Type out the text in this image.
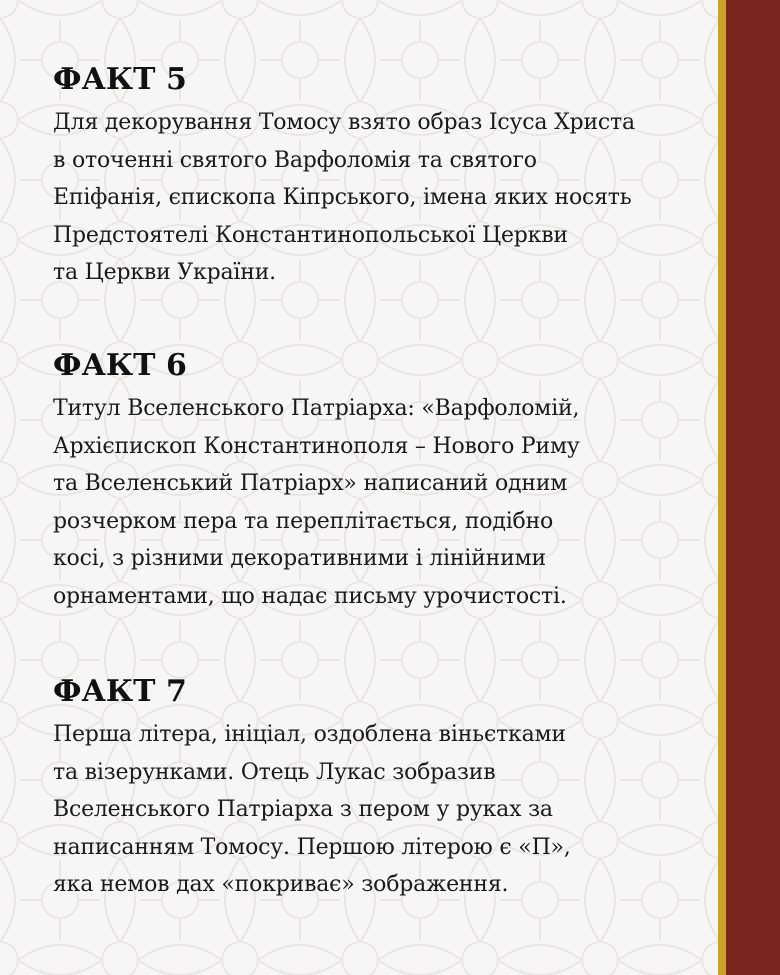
ФАКТ 5

Для декорування Томосу взято образ Ісуса Христа
в оточенні святого Варфоломія та святого
Епіфанія, єпископа Кіпрського, імена яких носять
Предстоятелі Константинопольської Церкви
та Церкви України.

ФАКТ 6

Титул Вселенського Патріарха: «Варфоломій,
Архієпископ Константинополя – Нового Риму
та Вселенський Патріарх» написаний одним
розчерком пера та переплітається, подібно
косі, з різними декоративними і лінійними
орнаментами, що надає письму урочистості.

ФАКТ 7

Перша літера, ініціал, оздоблена віньєтками
та візерунками. Отець Лукас зобразив
Вселенського Патріарха з пером у руках за
написанням Томосу. Першою літерою є «П»,
яка немов дах «покриває» зображення.
